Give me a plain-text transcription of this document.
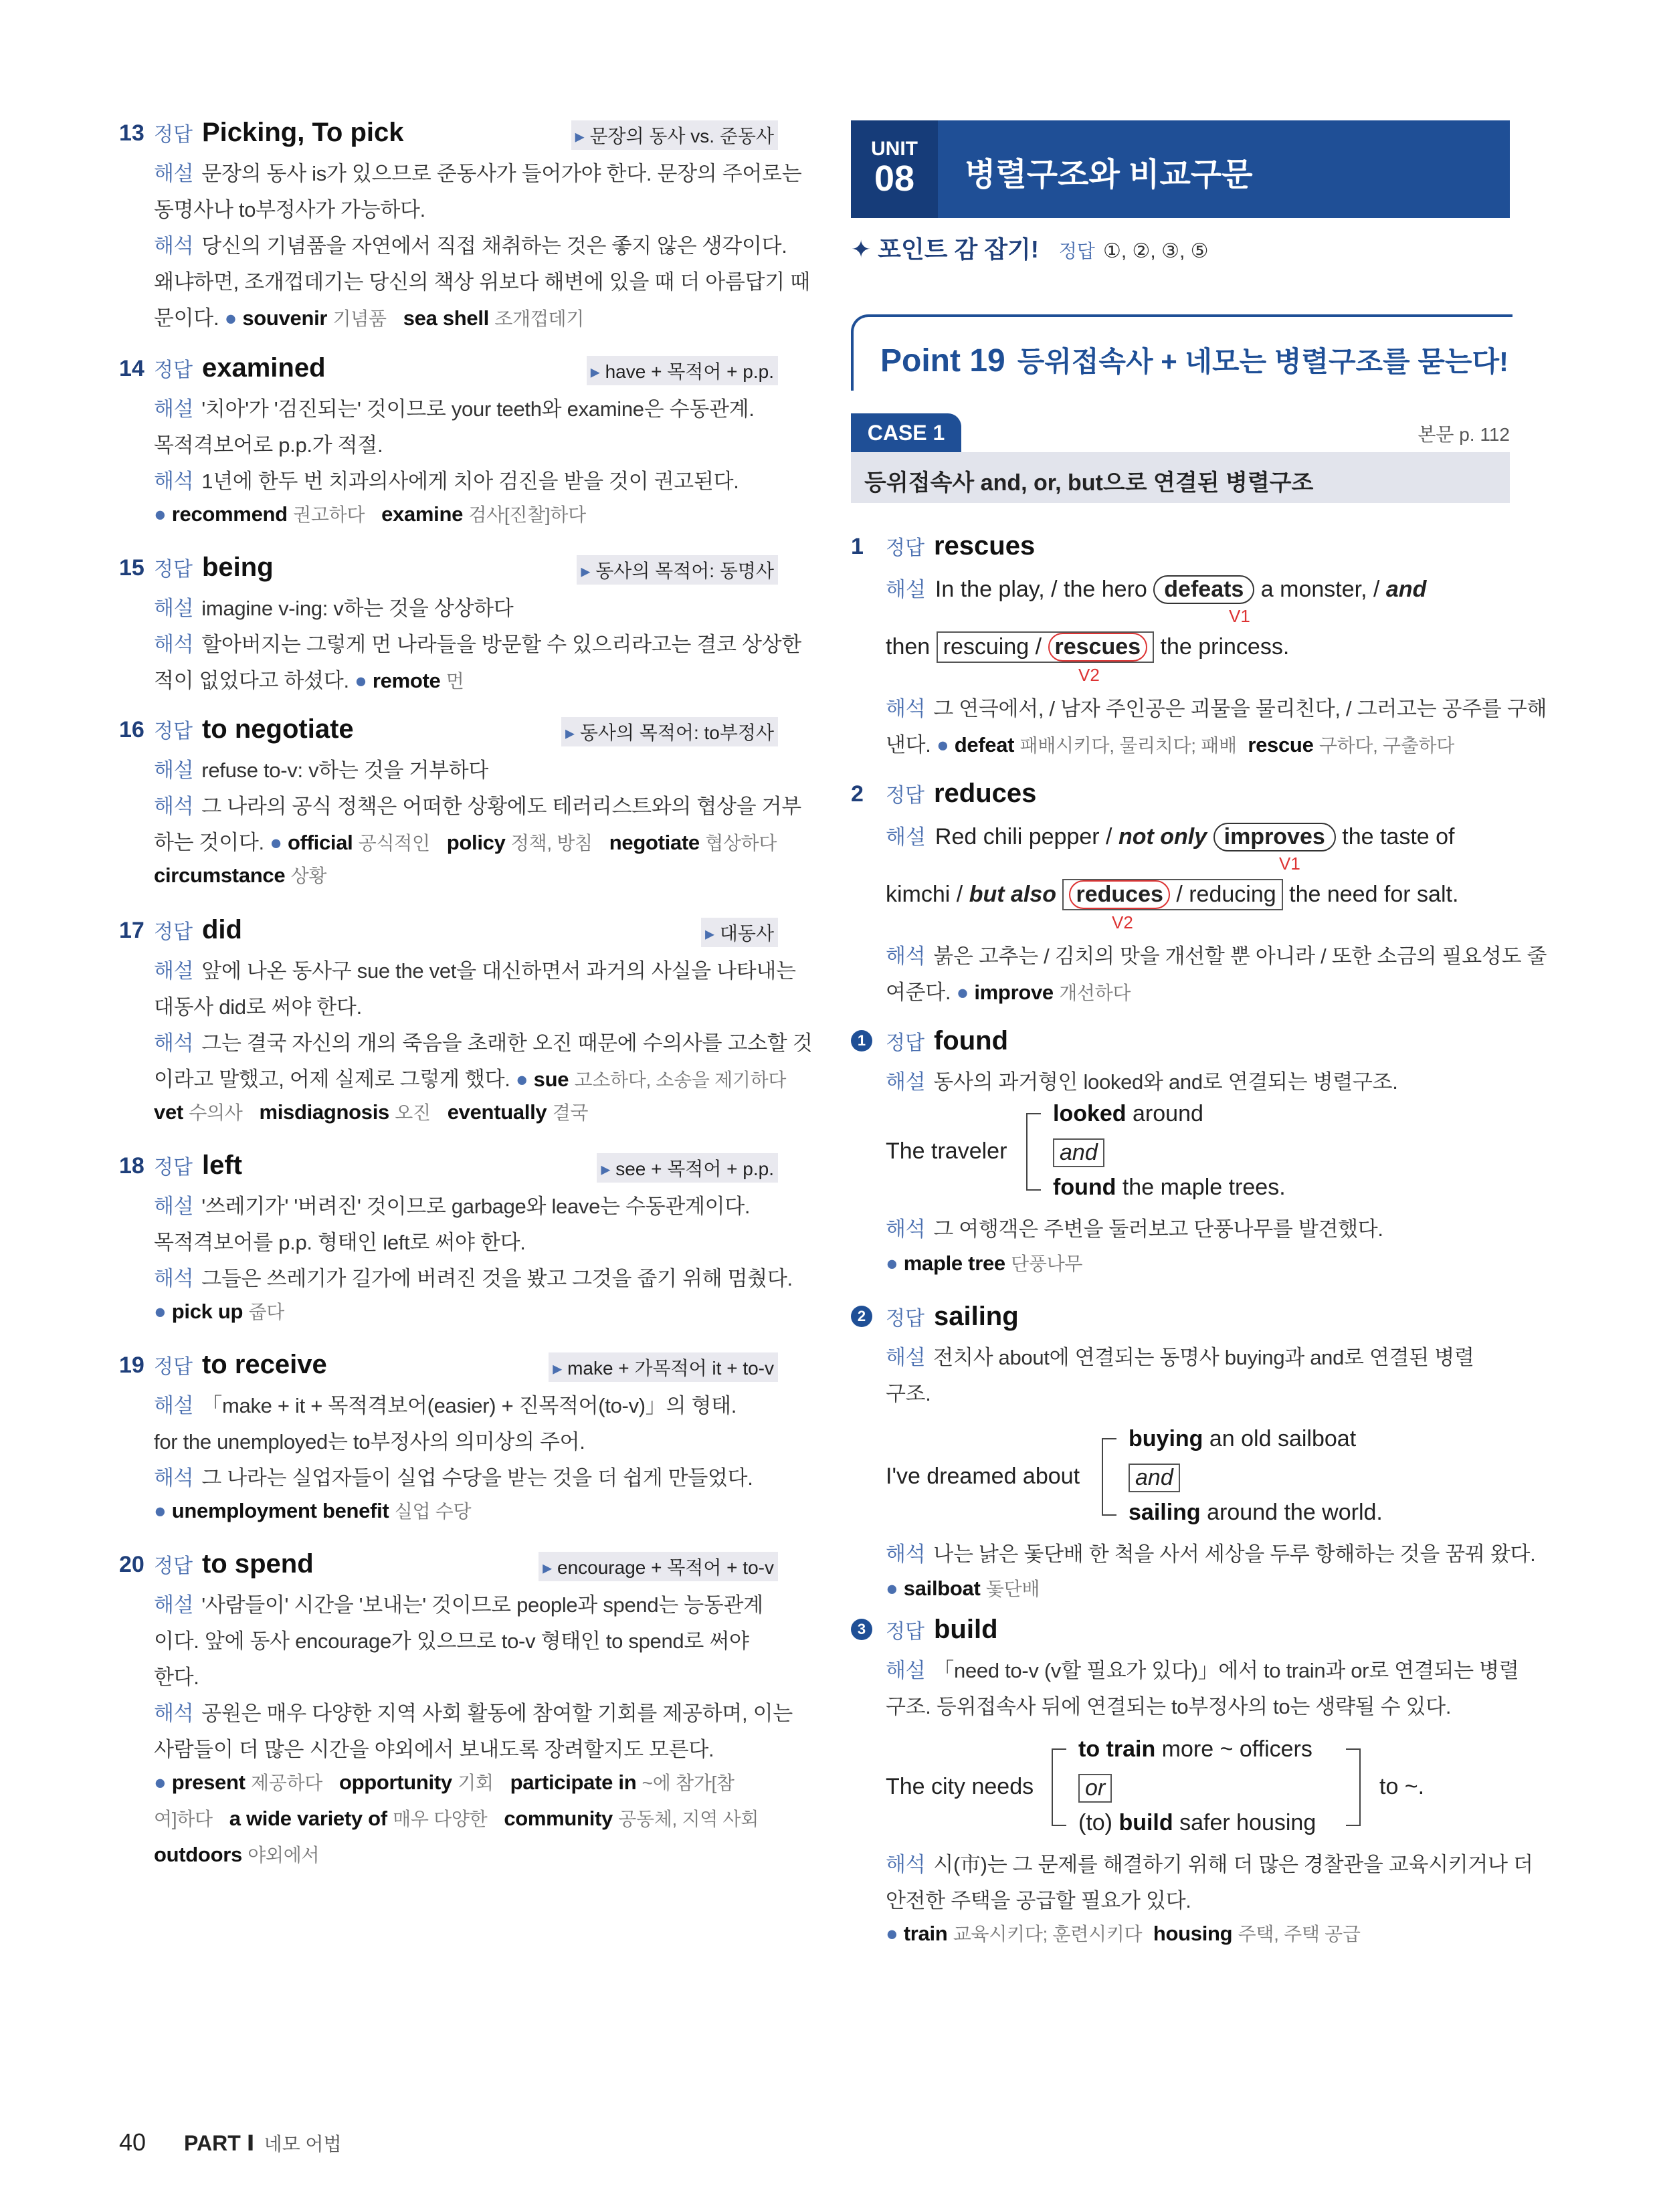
13 정답 Picking, To pick	▸ 문장의 동사 vs. 준동사
해설 문장의 동사 is가 있으므로 준동사가 들어가야 한다. 문장의 주어로는
동명사나 to부정사가 가능하다.
해석 당신의 기념품을 자연에서 직접 채취하는 것은 좋지 않은 생각이다.
왜냐하면, 조개껍데기는 당신의 책상 위보다 해변에 있을 때 더 아름답기 때
문이다. ● souvenir 기념품 sea shell 조개껍데기
14 정답 examined	▸ have + 목적어 + p.p.
해설 '치아'가 '검진되는' 것이므로 your teeth와 examine은 수동관계.
목적격보어로 p.p.가 적절.
해석 1년에 한두 번 치과의사에게 치아 검진을 받을 것이 권고된다.
● recommend 권고하다 examine 검사[진찰]하다
15 정답 being	▸ 동사의 목적어: 동명사
해설 imagine v-ing: v하는 것을 상상하다
해석 할아버지는 그렇게 먼 나라들을 방문할 수 있으리라고는 결코 상상한
적이 없었다고 하셨다. ● remote 먼
16 정답 to negotiate	▸ 동사의 목적어: to부정사
해설 refuse to-v: v하는 것을 거부하다
해석 그 나라의 공식 정책은 어떠한 상황에도 테러리스트와의 협상을 거부
하는 것이다. ● official 공식적인 policy 정책, 방침 negotiate 협상하다
circumstance 상황
17 정답 did	▸ 대동사
해설 앞에 나온 동사구 sue the vet을 대신하면서 과거의 사실을 나타내는
대동사 did로 써야 한다.
해석 그는 결국 자신의 개의 죽음을 초래한 오진 때문에 수의사를 고소할 것
이라고 말했고, 어제 실제로 그렇게 했다. ● sue 고소하다, 소송을 제기하다
vet 수의사 misdiagnosis 오진 eventually 결국
18 정답 left	▸ see + 목적어 + p.p.
해설 '쓰레기가' '버려진' 것이므로 garbage와 leave는 수동관계이다.
목적격보어를 p.p. 형태인 left로 써야 한다.
해석 그들은 쓰레기가 길가에 버려진 것을 봤고 그것을 줍기 위해 멈췄다.
● pick up 줍다
19 정답 to receive	▸ make + 가목적어 it + to-v
해설 「make + it + 목적격보어(easier) + 진목적어(to-v)」의 형태.
for the unemployed는 to부정사의 의미상의 주어.
해석 그 나라는 실업자들이 실업 수당을 받는 것을 더 쉽게 만들었다.
● unemployment benefit 실업 수당
20 정답 to spend	▸ encourage + 목적어 + to-v
해설 '사람들이' 시간을 '보내는' 것이므로 people과 spend는 능동관계
이다. 앞에 동사 encourage가 있으므로 to-v 형태인 to spend로 써야
한다.
해석 공원은 매우 다양한 지역 사회 활동에 참여할 기회를 제공하며, 이는
사람들이 더 많은 시간을 야외에서 보내도록 장려할지도 모른다.
● present 제공하다 opportunity 기회 participate in ~에 참가[참
여]하다 a wide variety of 매우 다양한 community 공동체, 지역 사회
outdoors 야외에서
UNIT
08	병렬구조와 비교구문
✦ 포인트 감 잡기! 정답 ①, ②, ③, ⑤
Point 19 등위접속사 + 네모는 병렬구조를 묻는다!
CASE 1	본문 p. 112
등위접속사 and, or, but으로 연결된 병렬구조
1 정답 rescues
해설 In the play, / the hero defeats a monster, / and
V1
then rescuing / rescues the princess.
V2
해석 그 연극에서, / 남자 주인공은 괴물을 물리친다, / 그러고는 공주를 구해
낸다. ● defeat 패배시키다, 물리치다; 패배 rescue 구하다, 구출하다
2 정답 reduces
해설 Red chili pepper / not only improves the taste of
V1
kimchi / but also reduces / reducing the need for salt.
V2
해석 붉은 고추는 / 김치의 맛을 개선할 뿐 아니라 / 또한 소금의 필요성도 줄
여준다. ● improve 개선하다
1 정답 found
해설 동사의 과거형인 looked와 and로 연결되는 병렬구조.
The traveler
looked around
and
found the maple trees.
해석 그 여행객은 주변을 둘러보고 단풍나무를 발견했다.
● maple tree 단풍나무
2 정답 sailing
해설 전치사 about에 연결되는 동명사 buying과 and로 연결된 병렬
구조.
I've dreamed about
buying an old sailboat
and
sailing around the world.
해석 나는 낡은 돛단배 한 척을 사서 세상을 두루 항해하는 것을 꿈꿔 왔다.
● sailboat 돛단배
3 정답 build
해설 「need to-v (v할 필요가 있다)」에서 to train과 or로 연결되는 병렬
구조. 등위접속사 뒤에 연결되는 to부정사의 to는 생략될 수 있다.
The city needs
to train more ~ officers
or
(to) build safer housing
to ~.
해석 시(市)는 그 문제를 해결하기 위해 더 많은 경찰관을 교육시키거나 더
안전한 주택을 공급할 필요가 있다.
● train 교육시키다; 훈련시키다 housing 주택, 주택 공급
40 PART Ⅰ 네모 어법
